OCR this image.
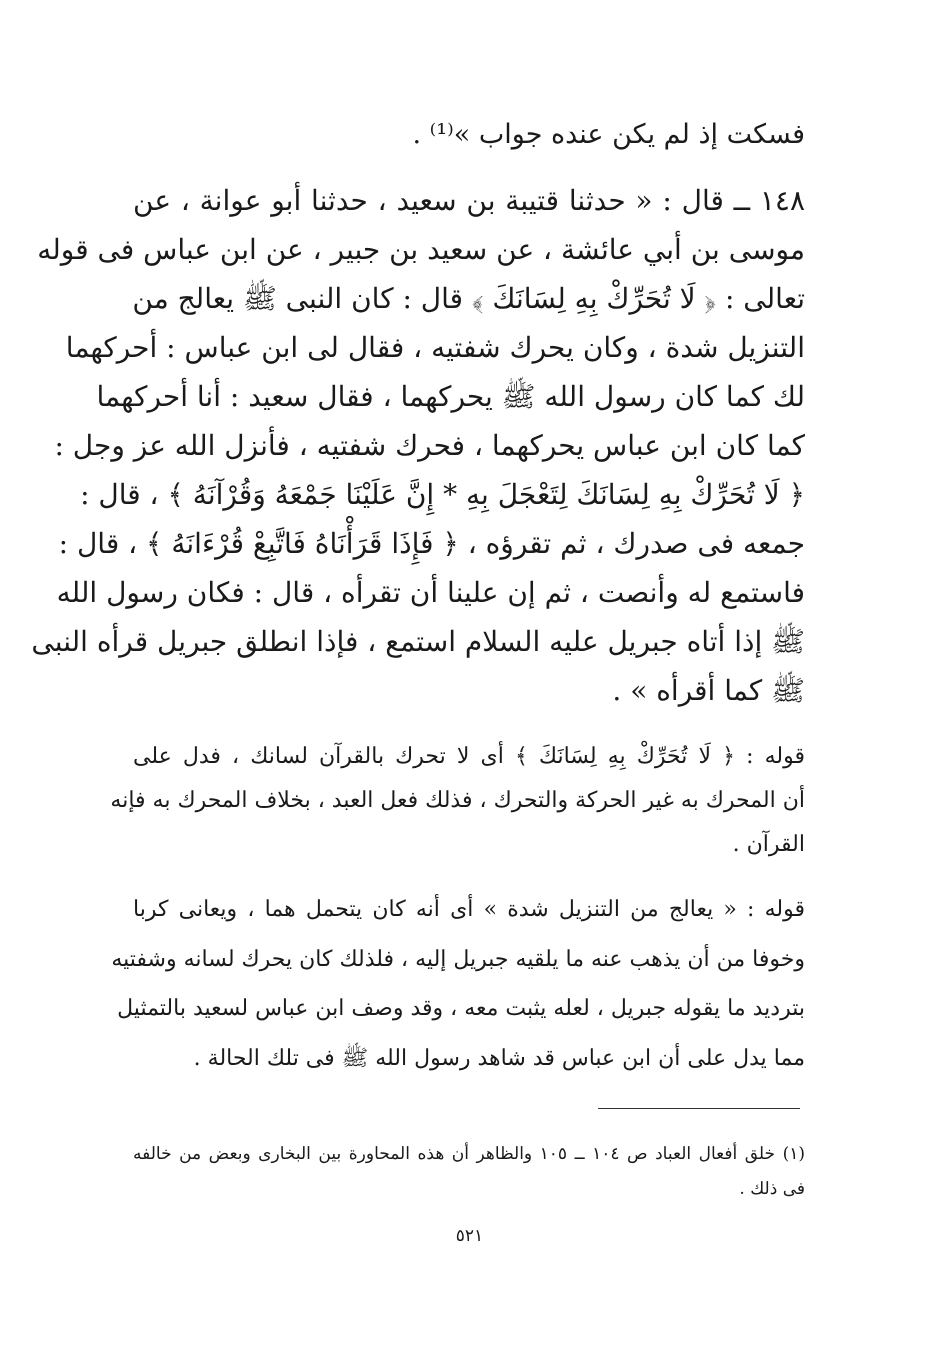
فسكت إذ لم يكن عنده جواب »⁽¹⁾ .
١٤٨ ــ قال : « حدثنا قتيبة بن سعيد ، حدثنا أبو عوانة ، عن
موسى بن أبي عائشة ، عن سعيد بن جبير ، عن ابن عباس فى قوله
تعالى : ﴿ لَا تُحَرِّكْ بِهِ لِسَانَكَ ﴾ قال : كان النبى ﷺ يعالج من
التنزيل شدة ، وكان يحرك شفتيه ، فقال لى ابن عباس : أحركهما
لك كما كان رسول الله ﷺ يحركهما ، فقال سعيد : أنا أحركهما
كما كان ابن عباس يحركهما ، فحرك شفتيه ، فأنزل الله عز وجل :
﴿ لَا تُحَرِّكْ بِهِ لِسَانَكَ لِتَعْجَلَ بِهِ * إِنَّ عَلَيْنَا جَمْعَهُ وَقُرْآنَهُ ﴾ ، قال :
جمعه فى صدرك ، ثم تقرؤه ، ﴿ فَإِذَا قَرَأْنَاهُ فَاتَّبِعْ قُرْءَانَهُ ﴾ ، قال :
فاستمع له وأنصت ، ثم إن علينا أن تقرأه ، قال : فكان رسول الله
ﷺ إذا أتاه جبريل عليه السلام استمع ، فإذا انطلق جبريل قرأه النبى
ﷺ كما أقرأه » .
قوله : ﴿ لَا تُحَرِّكْ بِهِ لِسَانَكَ ﴾ أى لا تحرك بالقرآن لسانك ، فدل على
أن المحرك به غير الحركة والتحرك ، فذلك فعل العبد ، بخلاف المحرك به فإنه
القرآن .
قوله : « يعالج من التنزيل شدة » أى أنه كان يتحمل هما ، ويعانى كربا
وخوفا من أن يذهب عنه ما يلقيه جبريل إليه ، فلذلك كان يحرك لسانه وشفتيه
بترديد ما يقوله جبريل ، لعله يثبت معه ، وقد وصف ابن عباس لسعيد بالتمثيل
مما يدل على أن ابن عباس قد شاهد رسول الله ﷺ فى تلك الحالة .
(١) خلق أفعال العباد ص ١٠٤ ــ ١٠٥ والظاهر أن هذه المحاورة بين البخارى وبعض من خالفه
فى ذلك .
٥٢١
